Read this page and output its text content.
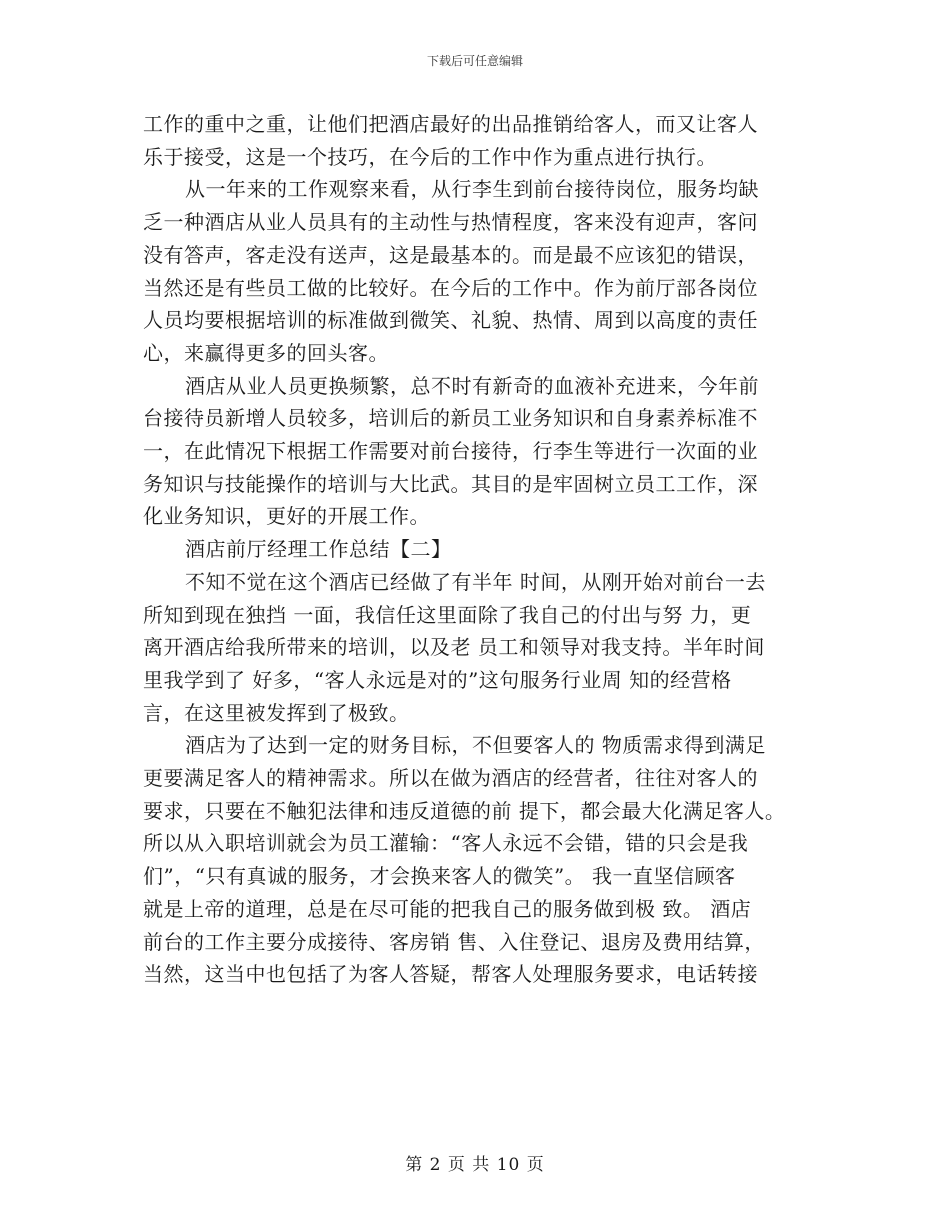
下载后可任意编辑
工作的重中之重，让他们把酒店最好的出品推销给客人，而又让客人
乐于接受，这是一个技巧，在今后的工作中作为重点进行执行。
从一年来的工作观察来看，从行李生到前台接待岗位，服务均缺
乏一种酒店从业人员具有的主动性与热情程度，客来没有迎声，客问
没有答声，客走没有送声，这是最基本的。而是最不应该犯的错误，
当然还是有些员工做的比较好。在今后的工作中。作为前厅部各岗位
人员均要根据培训的标准做到微笑、礼貌、热情、周到以高度的责任
心，来赢得更多的回头客。
酒店从业人员更换频繁，总不时有新奇的血液补充进来，今年前
台接待员新增人员较多，培训后的新员工业务知识和自身素养标准不
一，在此情况下根据工作需要对前台接待，行李生等进行一次面的业
务知识与技能操作的培训与大比武。其目的是牢固树立员工工作，深
化业务知识，更好的开展工作。
酒店前厅经理工作总结【二】
不知不觉在这个酒店已经做了有半年 时间，从刚开始对前台一去
所知到现在独挡 一面，我信任这里面除了我自己的付出与努 力，更
离开酒店给我所带来的培训，以及老 员工和领导对我支持。半年时间
里我学到了 好多，“客人永远是对的”这句服务行业周 知的经营格
言，在这里被发挥到了极致。
酒店为了达到一定的财务目标，不但要客人的 物质需求得到满足
更要满足客人的精神需求。所以在做为酒店的经营者，往往对客人的
要求，只要在不触犯法律和违反道德的前 提下，都会最大化满足客人。
所以从入职培训就会为员工灌输：“客人永远不会错，错的只会是我
们”，“只有真诚的服务，才会换来客人的微笑”。 我一直坚信顾客
就是上帝的道理，总是在尽可能的把我自己的服务做到极 致。 酒店
前台的工作主要分成接待、客房销 售、入住登记、退房及费用结算，
当然，这当中也包括了为客人答疑，帮客人处理服务要求，电话转接
第 2 页 共 10 页
